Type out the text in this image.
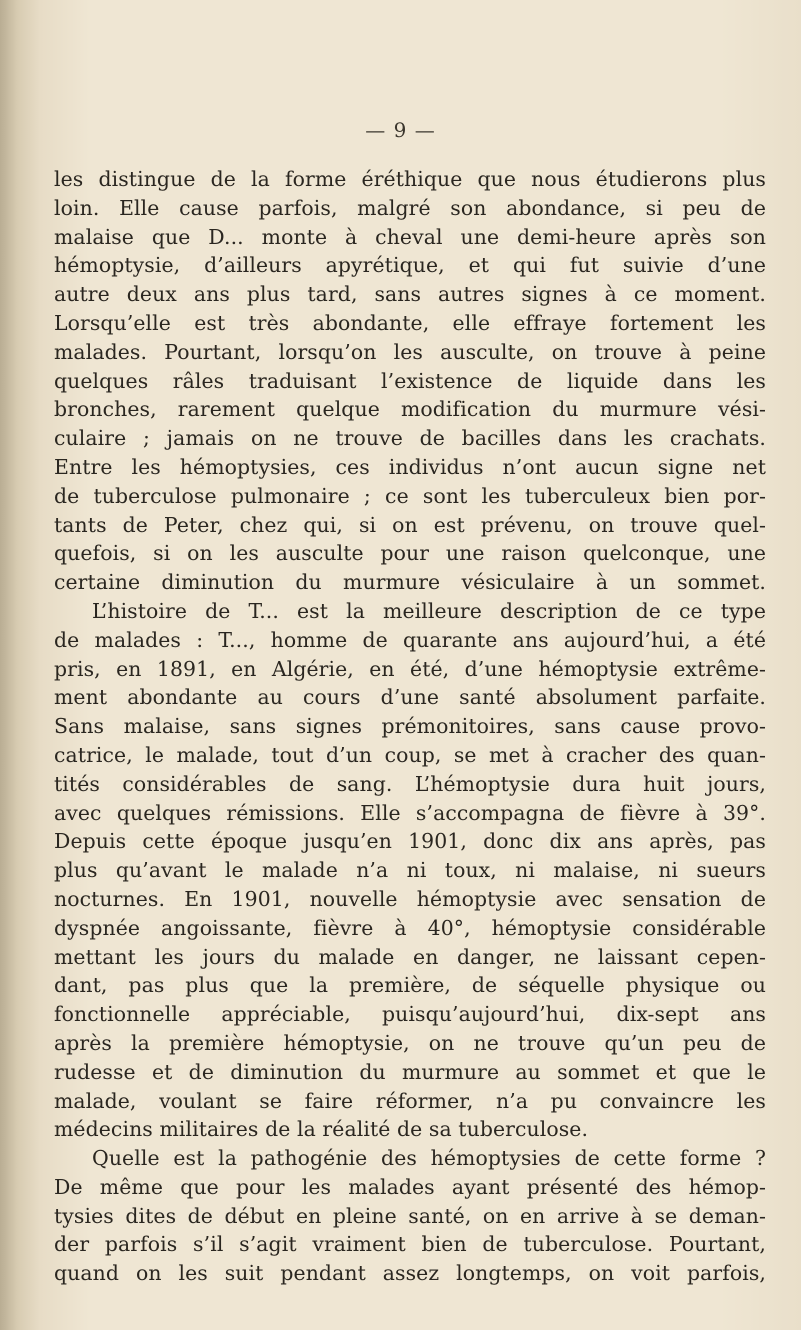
— 9 —
les distingue de la forme éréthique que nous étudierons plus
loin. Elle cause parfois, malgré son abondance, si peu de
malaise que D... monte à cheval une demi-heure après son
hémoptysie, d’ailleurs apyrétique, et qui fut suivie d’une
autre deux ans plus tard, sans autres signes à ce moment.
Lorsqu’elle est très abondante, elle effraye fortement les
malades. Pourtant, lorsqu’on les ausculte, on trouve à peine
quelques râles traduisant l’existence de liquide dans les
bronches, rarement quelque modification du murmure vési-
culaire ; jamais on ne trouve de bacilles dans les crachats.
Entre les hémoptysies, ces individus n’ont aucun signe net
de tuberculose pulmonaire ; ce sont les tuberculeux bien por-
tants de Peter, chez qui, si on est prévenu, on trouve quel-
quefois, si on les ausculte pour une raison quelconque, une
certaine diminution du murmure vésiculaire à un sommet.
L’histoire de T... est la meilleure description de ce type
de malades : T..., homme de quarante ans aujourd’hui, a été
pris, en 1891, en Algérie, en été, d’une hémoptysie extrême-
ment abondante au cours d’une santé absolument parfaite.
Sans malaise, sans signes prémonitoires, sans cause provo-
catrice, le malade, tout d’un coup, se met à cracher des quan-
tités considérables de sang. L’hémoptysie dura huit jours,
avec quelques rémissions. Elle s’accompagna de fièvre à 39°.
Depuis cette époque jusqu’en 1901, donc dix ans après, pas
plus qu’avant le malade n’a ni toux, ni malaise, ni sueurs
nocturnes. En 1901, nouvelle hémoptysie avec sensation de
dyspnée angoissante, fièvre à 40°, hémoptysie considérable
mettant les jours du malade en danger, ne laissant cepen-
dant, pas plus que la première, de séquelle physique ou
fonctionnelle appréciable, puisqu’aujourd’hui, dix-sept ans
après la première hémoptysie, on ne trouve qu’un peu de
rudesse et de diminution du murmure au sommet et que le
malade, voulant se faire réformer, n’a pu convaincre les
médecins militaires de la réalité de sa tuberculose.
Quelle est la pathogénie des hémoptysies de cette forme ?
De même que pour les malades ayant présenté des hémop-
tysies dites de début en pleine santé, on en arrive à se deman-
der parfois s’il s’agit vraiment bien de tuberculose. Pourtant,
quand on les suit pendant assez longtemps, on voit parfois,
